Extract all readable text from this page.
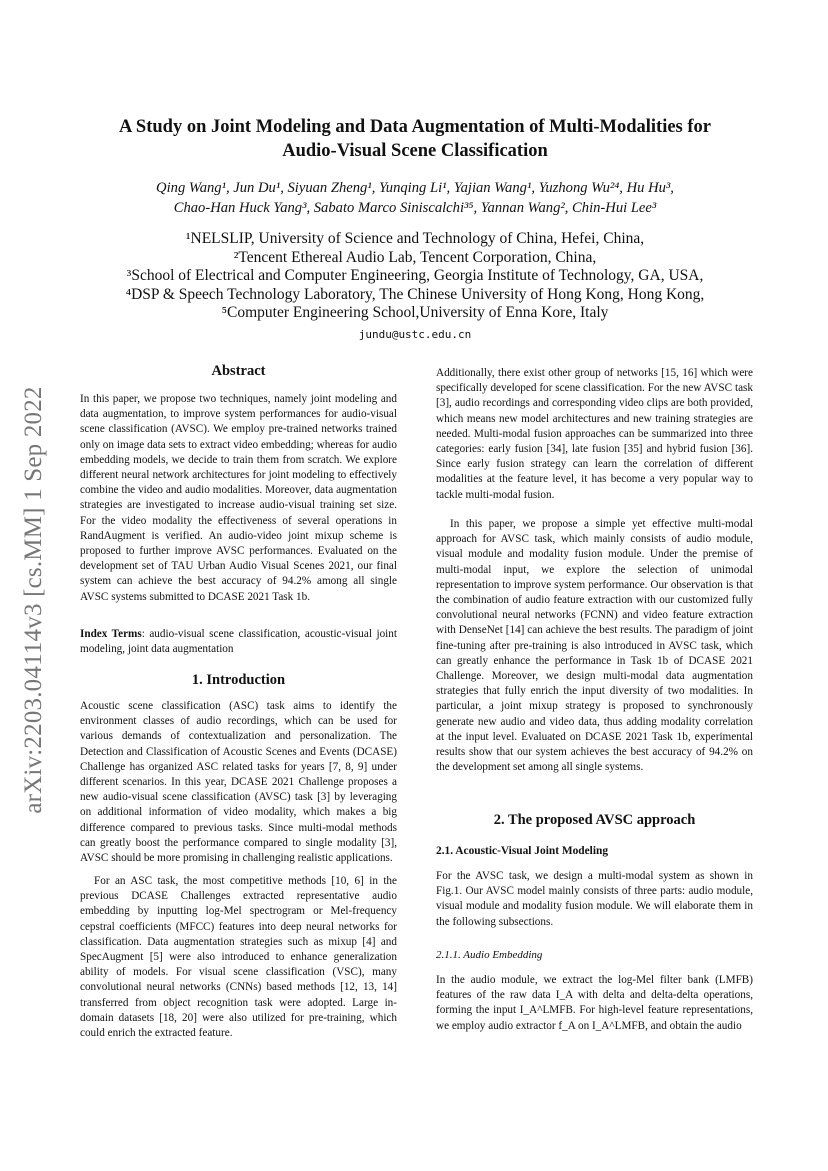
arXiv:2203.04114v3 [cs.MM] 1 Sep 2022
A Study on Joint Modeling and Data Augmentation of Multi-Modalities for
Audio-Visual Scene Classification
Qing Wang¹, Jun Du¹, Siyuan Zheng¹, Yunqing Li¹, Yajian Wang¹, Yuzhong Wu²⁴, Hu Hu³,
Chao-Han Huck Yang³, Sabato Marco Siniscalchi³⁵, Yannan Wang², Chin-Hui Lee³
¹NELSLIP, University of Science and Technology of China, Hefei, China,
²Tencent Ethereal Audio Lab, Tencent Corporation, China,
³School of Electrical and Computer Engineering, Georgia Institute of Technology, GA, USA,
⁴DSP & Speech Technology Laboratory, The Chinese University of Hong Kong, Hong Kong,
⁵Computer Engineering School,University of Enna Kore, Italy
jundu@ustc.edu.cn
Abstract

In this paper, we propose two techniques, namely joint modeling and data augmentation, to improve system performances for audio-visual scene classification (AVSC). We employ pre-trained networks trained only on image data sets to extract video embedding; whereas for audio embedding models, we decide to train them from scratch. We explore different neural network architectures for joint modeling to effectively combine the video and audio modalities. Moreover, data augmentation strategies are investigated to increase audio-visual training set size. For the video modality the effectiveness of several operations in RandAugment is verified. An audio-video joint mixup scheme is proposed to further improve AVSC performances. Evaluated on the development set of TAU Urban Audio Visual Scenes 2021, our final system can achieve the best accuracy of 94.2% among all single AVSC systems submitted to DCASE 2021 Task 1b.

Index Terms: audio-visual scene classification, acoustic-visual joint modeling, joint data augmentation

1. Introduction

Acoustic scene classification (ASC) task aims to identify the environment classes of audio recordings, which can be used for various demands of contextualization and personalization. The Detection and Classification of Acoustic Scenes and Events (DCASE) Challenge has organized ASC related tasks for years [7, 8, 9] under different scenarios. In this year, DCASE 2021 Challenge proposes a new audio-visual scene classification (AVSC) task [3] by leveraging on additional information of video modality, which makes a big difference compared to previous tasks. Since multi-modal methods can greatly boost the performance compared to single modality [3], AVSC should be more promising in challenging realistic applications.

For an ASC task, the most competitive methods [10, 6] in the previous DCASE Challenges extracted representative audio embedding by inputting log-Mel spectrogram or Mel-frequency cepstral coefficients (MFCC) features into deep neural networks for classification. Data augmentation strategies such as mixup [4] and SpecAugment [5] were also introduced to enhance generalization ability of models. For visual scene classification (VSC), many convolutional neural networks (CNNs) based methods [12, 13, 14] transferred from object recognition task were adopted. Large in-domain datasets [18, 20] were also utilized for pre-training, which could enrich the extracted feature.

Additionally, there exist other group of networks [15, 16] which were specifically developed for scene classification. For the new AVSC task [3], audio recordings and corresponding video clips are both provided, which means new model architectures and new training strategies are needed. Multi-modal fusion approaches can be summarized into three categories: early fusion [34], late fusion [35] and hybrid fusion [36]. Since early fusion strategy can learn the correlation of different modalities at the feature level, it has become a very popular way to tackle multi-modal fusion.

In this paper, we propose a simple yet effective multi-modal approach for AVSC task, which mainly consists of audio module, visual module and modality fusion module. Under the premise of multi-modal input, we explore the selection of unimodal representation to improve system performance. Our observation is that the combination of audio feature extraction with our customized fully convolutional neural networks (FCNN) and video feature extraction with DenseNet [14] can achieve the best results. The paradigm of joint fine-tuning after pre-training is also introduced in AVSC task, which can greatly enhance the performance in Task 1b of DCASE 2021 Challenge. Moreover, we design multi-modal data augmentation strategies that fully enrich the input diversity of two modalities. In particular, a joint mixup strategy is proposed to synchronously generate new audio and video data, thus adding modality correlation at the input level. Evaluated on DCASE 2021 Task 1b, experimental results show that our system achieves the best accuracy of 94.2% on the development set among all single systems.

2. The proposed AVSC approach
2.1. Acoustic-Visual Joint Modeling

For the AVSC task, we design a multi-modal system as shown in Fig.1. Our AVSC model mainly consists of three parts: audio module, visual module and modality fusion module. We will elaborate them in the following subsections.

2.1.1. Audio Embedding

In the audio module, we extract the log-Mel filter bank (LMFB) features of the raw data I_A with delta and delta-delta operations, forming the input I_A^LMFB. For high-level feature representations, we employ audio extractor f_A on I_A^LMFB, and obtain the audio
